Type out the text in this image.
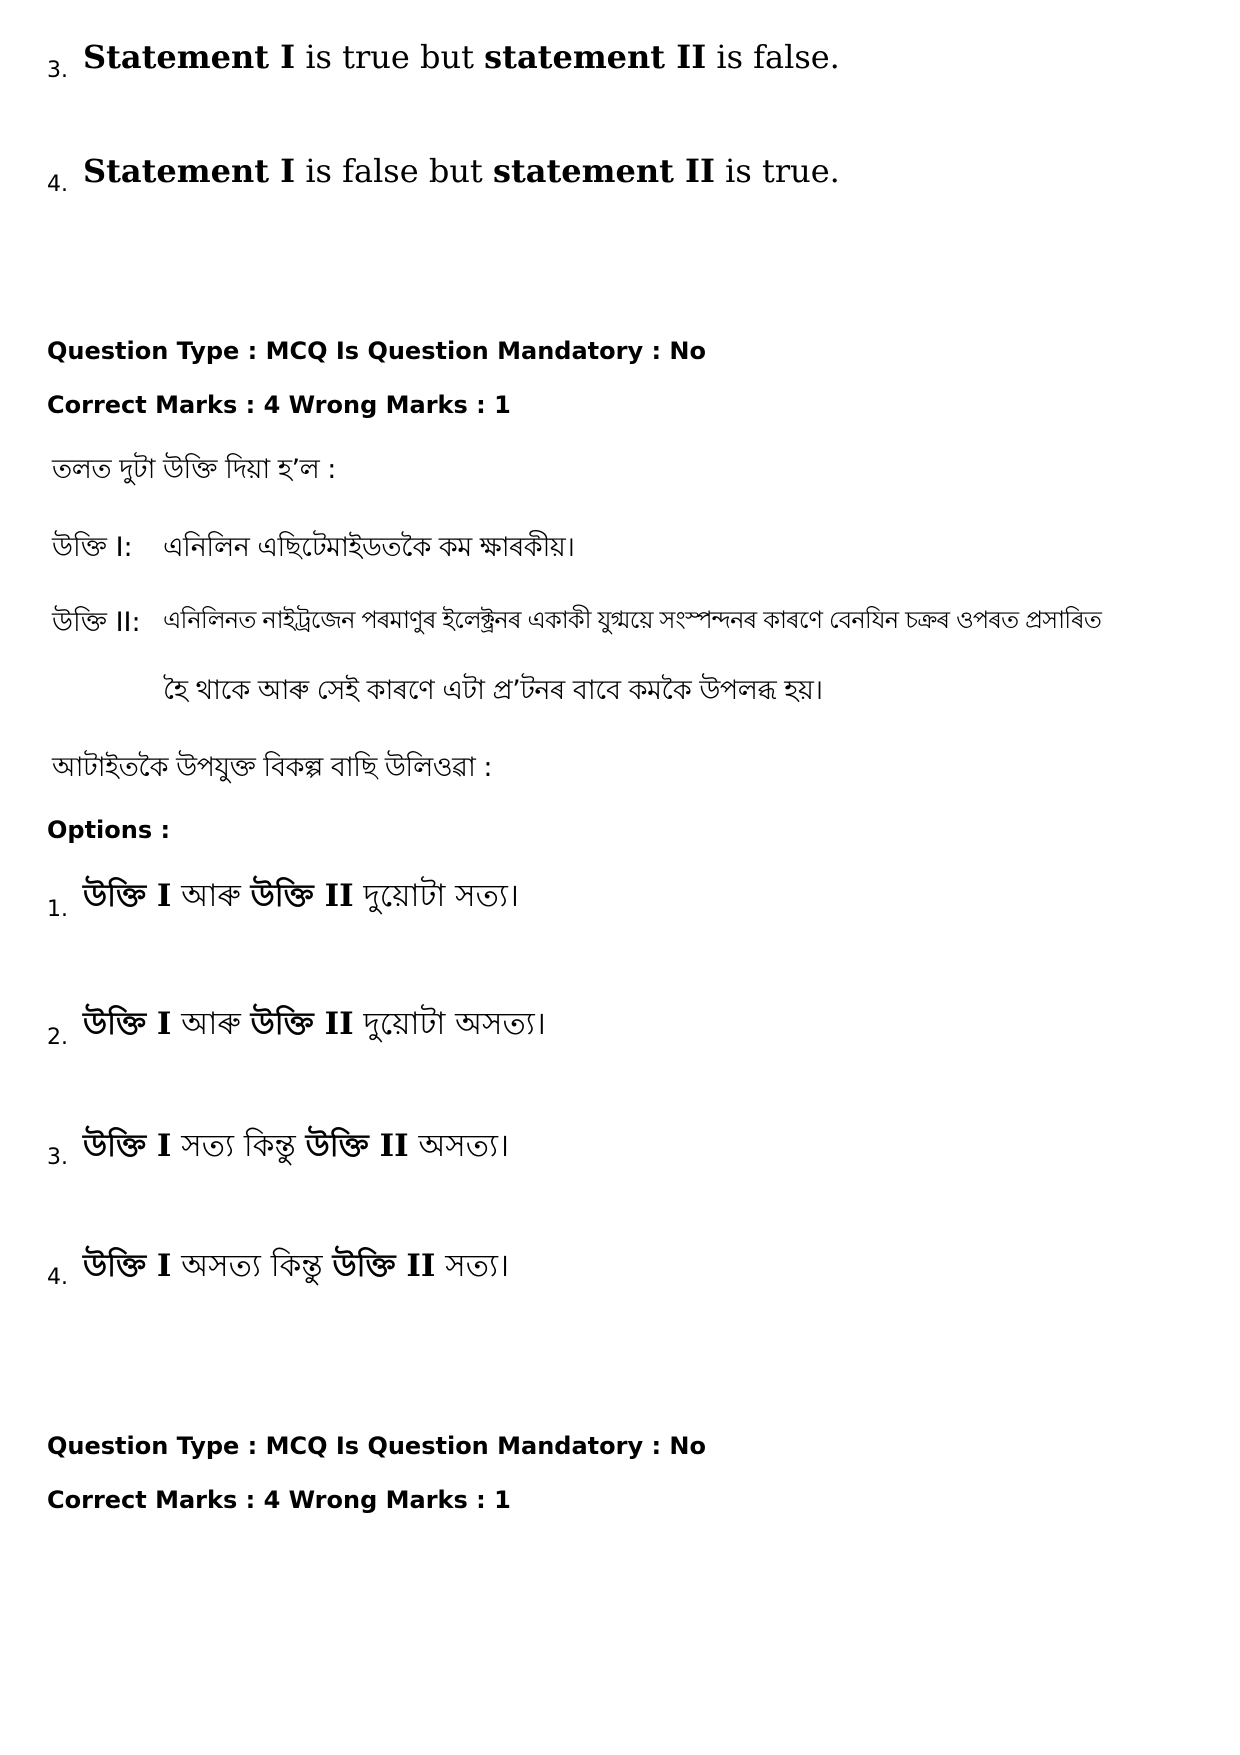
3. Statement I is true but statement II is false.
4. Statement I is false but statement II is true.
Question Type : MCQ Is Question Mandatory : No
Correct Marks : 4 Wrong Marks : 1
তলত দুটা উক্তি দিয়া হ’ল :
উক্তি I: এনিলিন এছিটেমাইডতকৈ কম ক্ষাৰকীয়।
উক্তি II: এনিলিনত নাইট্ৰজেন পৰমাণুৰ ইলেক্ট্ৰনৰ একাকী যুগ্ময়ে সংস্পন্দনৰ কাৰণে বেনযিন চক্ৰৰ ওপৰত প্ৰসাৰিত
হৈ থাকে আৰু সেই কাৰণে এটা প্ৰ’টনৰ বাবে কমকৈ উপলব্ধ হয়।
আটাইতকৈ উপযুক্ত বিকল্প বাছি উলিওৱা :
Options :
1. উক্তি I আৰু উক্তি II দুয়োটা সত্য।
2. উক্তি I আৰু উক্তি II দুয়োটা অসত্য।
3. উক্তি I সত্য কিন্তু উক্তি II অসত্য।
4. উক্তি I অসত্য কিন্তু উক্তি II সত্য।
Question Type : MCQ Is Question Mandatory : No
Correct Marks : 4 Wrong Marks : 1
